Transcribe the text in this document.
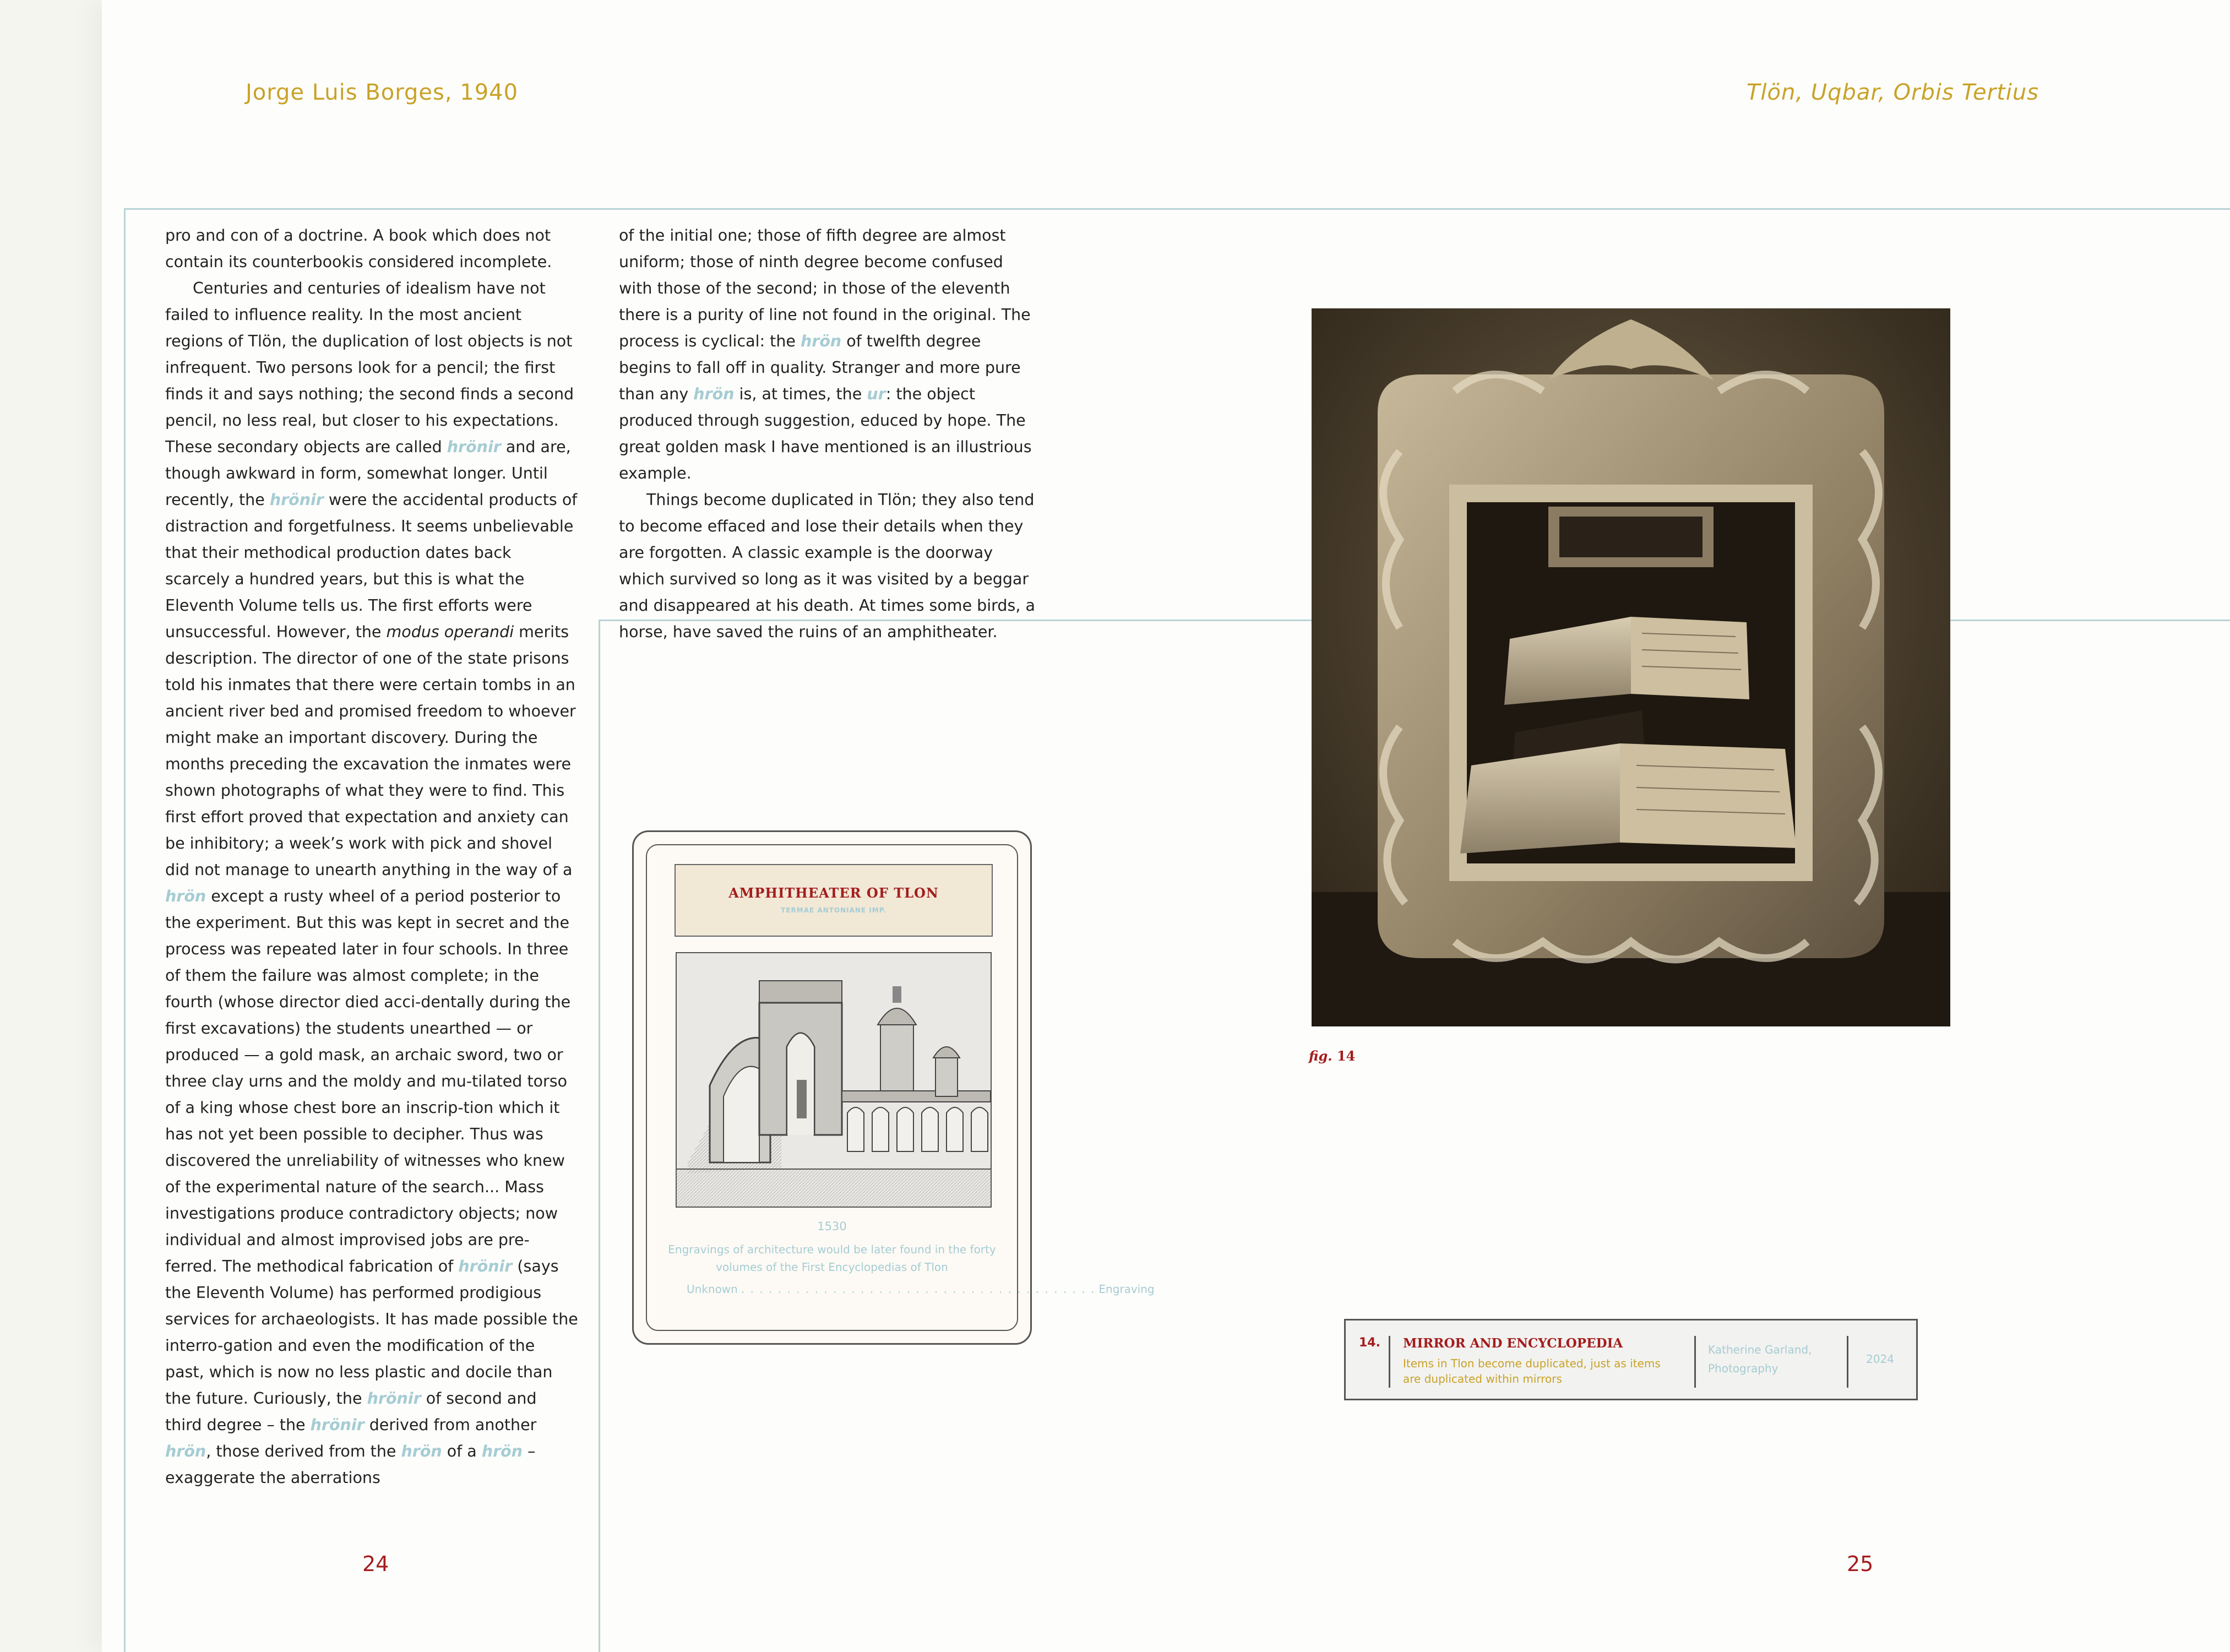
Jorge Luis Borges, 1940	Tlön, Uqbar, Orbis Tertius

pro and con of a doctrine. A book which does not contain its counterbookis considered incomplete.

Centuries and centuries of idealism have not failed to influence reality. In the most ancient regions of Tlön, the duplication of lost objects is not infrequent. Two persons look for a pencil; the first finds it and says nothing; the second finds a second pencil, no less real, but closer to his expectations. These secondary objects are called hrönir and are, though awkward in form, somewhat longer. Until recently, the hrönir were the accidental products of distraction and forgetfulness. It seems unbelievable that their methodical production dates back scarcely a hundred years, but this is what the Eleventh Volume tells us. The first efforts were unsuccessful. However, the modus operandi merits description. The director of one of the state prisons told his inmates that there were certain tombs in an ancient river bed and promised freedom to whoever might make an important discovery. During the months preceding the excavation the inmates were shown photographs of what they were to find. This first effort proved that expectation and anxiety can be inhibitory; a week’s work with pick and shovel did not manage to unearth anything in the way of a hrön except a rusty wheel of a period posterior to the experiment. But this was kept in secret and the process was repeated later in four schools. In three of them the failure was almost complete; in the fourth (whose director died acci-dentally during the first excavations) the students unearthed — or produced — a gold mask, an archaic sword, two or three clay urns and the moldy and mu-tilated torso of a king whose chest bore an inscrip-tion which it has not yet been possible to decipher. Thus was discovered the unreliability of witnesses who knew of the experimental nature of the search... Mass investigations produce contradictory objects; now individual and almost improvised jobs are pre-ferred. The methodical fabrication of hrönir (says the Eleventh Volume) has performed prodigious services for archaeologists. It has made possible the interro-gation and even the modification of the past, which is now no less plastic and docile than the future. Curiously, the hrönir of second and third degree – the hrönir derived from another hrön, those derived from the hrön of a hrön – exaggerate the aberrations

of the initial one; those of fifth degree are almost uniform; those of ninth degree become confused with those of the second; in those of the eleventh there is a purity of line not found in the original. The process is cyclical: the hrön of twelfth degree begins to fall off in quality. Stranger and more pure than any hrön is, at times, the ur: the object produced through suggestion, educed by hope. The great golden mask I have mentioned is an illustrious example.

Things become duplicated in Tlön; they also tend to become effaced and lose their details when they are forgotten. A classic example is the doorway which survived so long as it was visited by a beggar and disappeared at his death. At times some birds, a horse, have saved the ruins of an amphitheater.

24	25
AMPHITHEATER OF TLON
TERMAE ANTONIANE IMP.
1530
Engravings of architecture would be later found in the forty volumes of the First Encyclopedias of Tlon
Unknown . . . . . . . . . . . . . . . . . . . . . . . . . . . . . . . . . . . . . . . Engraving
fig. 14
14. MIRROR AND ENCYCLOPEDIA
Items in Tlon become duplicated, just as items are duplicated within mirrors
Katherine Garland, Photography
2024
